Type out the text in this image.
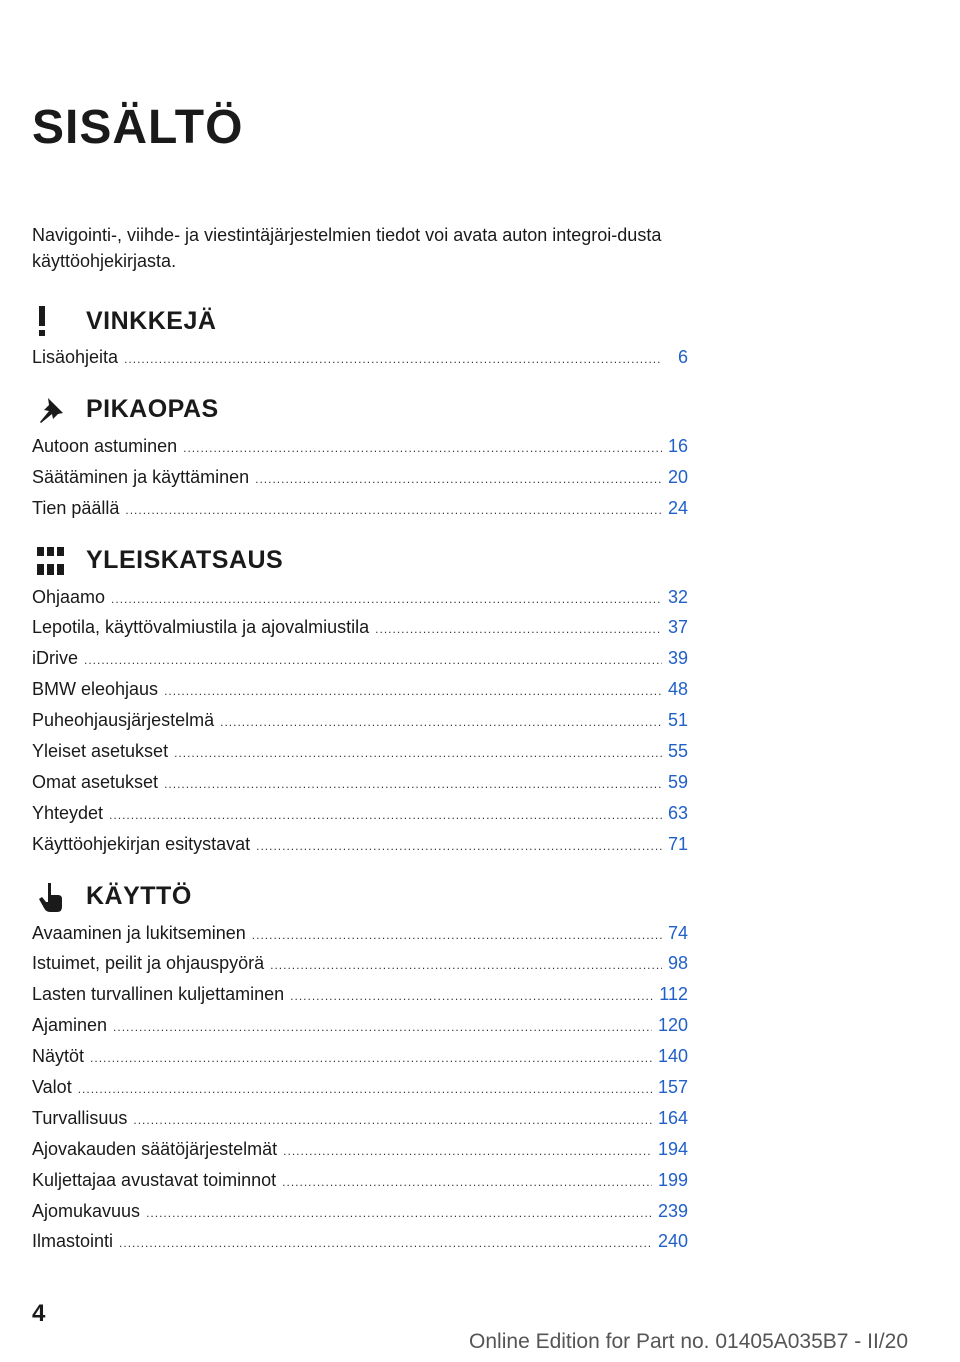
SISÄLTÖ

Navigointi-, viihde- ja viestintäjärjestelmien tiedot voi avata auton integroi-dusta käyttöohjekirjasta.

VINKKEJÄ
Lisäohjeita .....	6
PIKAOPAS
Autoon astuminen .....	16
Säätäminen ja käyttäminen .....	20
Tien päällä .....	24
YLEISKATSAUS
Ohjaamo .....	32
Lepotila, käyttövalmiustila ja ajovalmiustila .....	37
iDrive .....	39
BMW eleohjaus .....	48
Puheohjausjärjestelmä .....	51
Yleiset asetukset .....	55
Omat asetukset .....	59
Yhteydet .....	63
Käyttöohjekirjan esitystavat .....	71
KÄYTTÖ
Avaaminen ja lukitseminen .....	74
Istuimet, peilit ja ohjauspyörä .....	98
Lasten turvallinen kuljettaminen .....	112
Ajaminen .....	120
Näytöt .....	140
Valot .....	157
Turvallisuus .....	164
Ajovakauden säätöjärjestelmät .....	194
Kuljettajaa avustavat toiminnot .....	199
Ajomukavuus .....	239
Ilmastointi .....	240
4
Online Edition for Part no. 01405A035B7 - II/20
